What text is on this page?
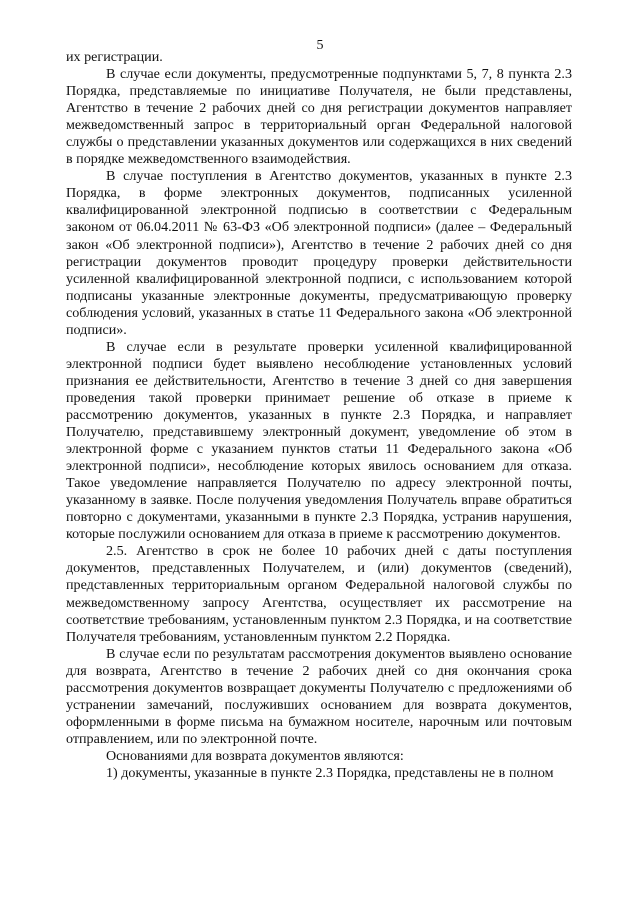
5

их регистрации.

В случае если документы, предусмотренные подпунктами 5, 7, 8 пункта 2.3 Порядка, представляемые по инициативе Получателя, не были представлены, Агентство в течение 2 рабочих дней со дня регистрации документов направляет межведомственный запрос в территориальный орган Федеральной налоговой службы о представлении указанных документов или содержащихся в них сведений в порядке межведомственного взаимодействия.

В случае поступления в Агентство документов, указанных в пункте 2.3 Порядка, в форме электронных документов, подписанных усиленной квалифицированной электронной подписью в соответствии с Федеральным законом от 06.04.2011 № 63-ФЗ «Об электронной подписи» (далее – Федеральный закон «Об электронной подписи»), Агентство в течение 2 рабочих дней со дня регистрации документов проводит процедуру проверки действительности усиленной квалифицированной электронной подписи, с использованием которой подписаны указанные электронные документы, предусматривающую проверку соблюдения условий, указанных в статье 11 Федерального закона «Об электронной подписи».

В случае если в результате проверки усиленной квалифицированной электронной подписи будет выявлено несоблюдение установленных условий признания ее действительности, Агентство в течение 3 дней со дня завершения проведения такой проверки принимает решение об отказе в приеме к рассмотрению документов, указанных в пункте 2.3 Порядка, и направляет Получателю, представившему электронный документ, уведомление об этом в электронной форме с указанием пунктов статьи 11 Федерального закона «Об электронной подписи», несоблюдение которых явилось основанием для отказа. Такое уведомление направляется Получателю по адресу электронной почты, указанному в заявке. После получения уведомления Получатель вправе обратиться повторно с документами, указанными в пункте 2.3 Порядка, устранив нарушения, которые послужили основанием для отказа в приеме к рассмотрению документов.

2.5. Агентство в срок не более 10 рабочих дней с даты поступления документов, представленных Получателем, и (или) документов (сведений), представленных территориальным органом Федеральной налоговой службы по межведомственному запросу Агентства, осуществляет их рассмотрение на соответствие требованиям, установленным пунктом 2.3 Порядка, и на соответствие Получателя требованиям, установленным пунктом 2.2 Порядка.

В случае если по результатам рассмотрения документов выявлено основание для возврата, Агентство в течение 2 рабочих дней со дня окончания срока рассмотрения документов возвращает документы Получателю с предложениями об устранении замечаний, послуживших основанием для возврата документов, оформленными в форме письма на бумажном носителе, нарочным или почтовым отправлением, или по электронной почте.

Основаниями для возврата документов являются:

1) документы, указанные в пункте 2.3 Порядка, представлены не в полном
